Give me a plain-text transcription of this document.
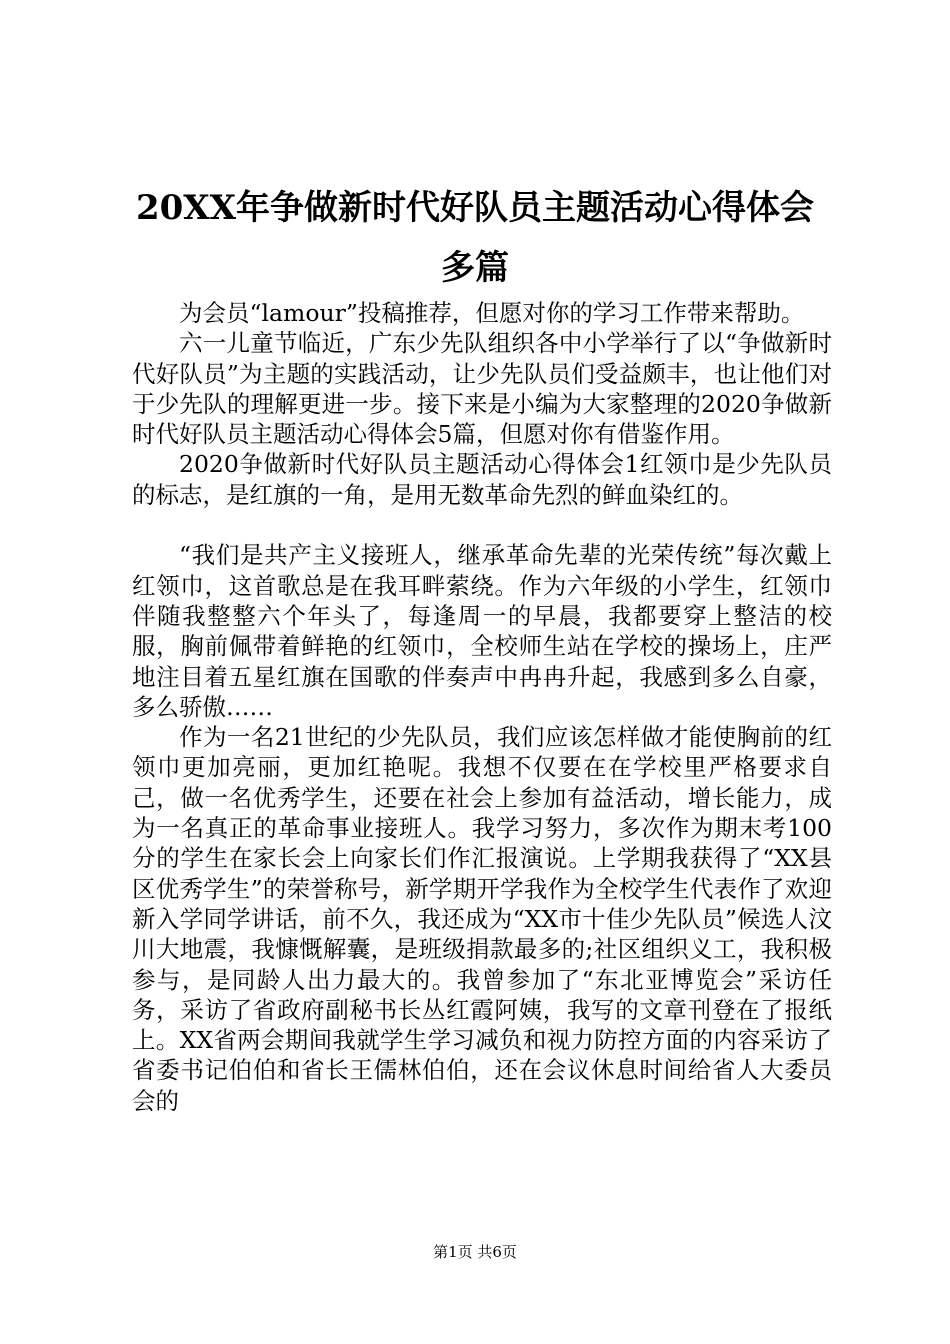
20XX年争做新时代好队员主题活动心得体会
多篇

为会员“lamour”投稿推荐，但愿对你的学习工作带来帮助。

六一儿童节临近，广东少先队组织各中小学举行了以“争做新时代好队员”为主题的实践活动，让少先队员们受益颇丰，也让他们对于少先队的理解更进一步。接下来是小编为大家整理的2020争做新时代好队员主题活动心得体会5篇，但愿对你有借鉴作用。

2020争做新时代好队员主题活动心得体会1红领巾是少先队员的标志，是红旗的一角，是用无数革命先烈的鲜血染红的。

“我们是共产主义接班人，继承革命先辈的光荣传统”每次戴上红领巾，这首歌总是在我耳畔萦绕。作为六年级的小学生，红领巾伴随我整整六个年头了，每逢周一的早晨，我都要穿上整洁的校服，胸前佩带着鲜艳的红领巾，全校师生站在学校的操场上，庄严地注目着五星红旗在国歌的伴奏声中冉冉升起，我感到多么自豪，多么骄傲……

作为一名21世纪的少先队员，我们应该怎样做才能使胸前的红领巾更加亮丽，更加红艳呢。我想不仅要在在学校里严格要求自己，做一名优秀学生，还要在社会上参加有益活动，增长能力，成为一名真正的革命事业接班人。我学习努力，多次作为期末考100分的学生在家长会上向家长们作汇报演说。上学期我获得了“XX县区优秀学生”的荣誉称号，新学期开学我作为全校学生代表作了欢迎新入学同学讲话，前不久，我还成为“XX市十佳少先队员”候选人汶川大地震，我慷慨解囊，是班级捐款最多的;社区组织义工，我积极参与，是同龄人出力最大的。我曾参加了“东北亚博览会”采访任务，采访了省政府副秘书长丛红霞阿姨，我写的文章刊登在了报纸上。XX省两会期间我就学生学习减负和视力防控方面的内容采访了省委书记伯伯和省长王儒林伯伯，还在会议休息时间给省人大委员会的

第1页 共6页
